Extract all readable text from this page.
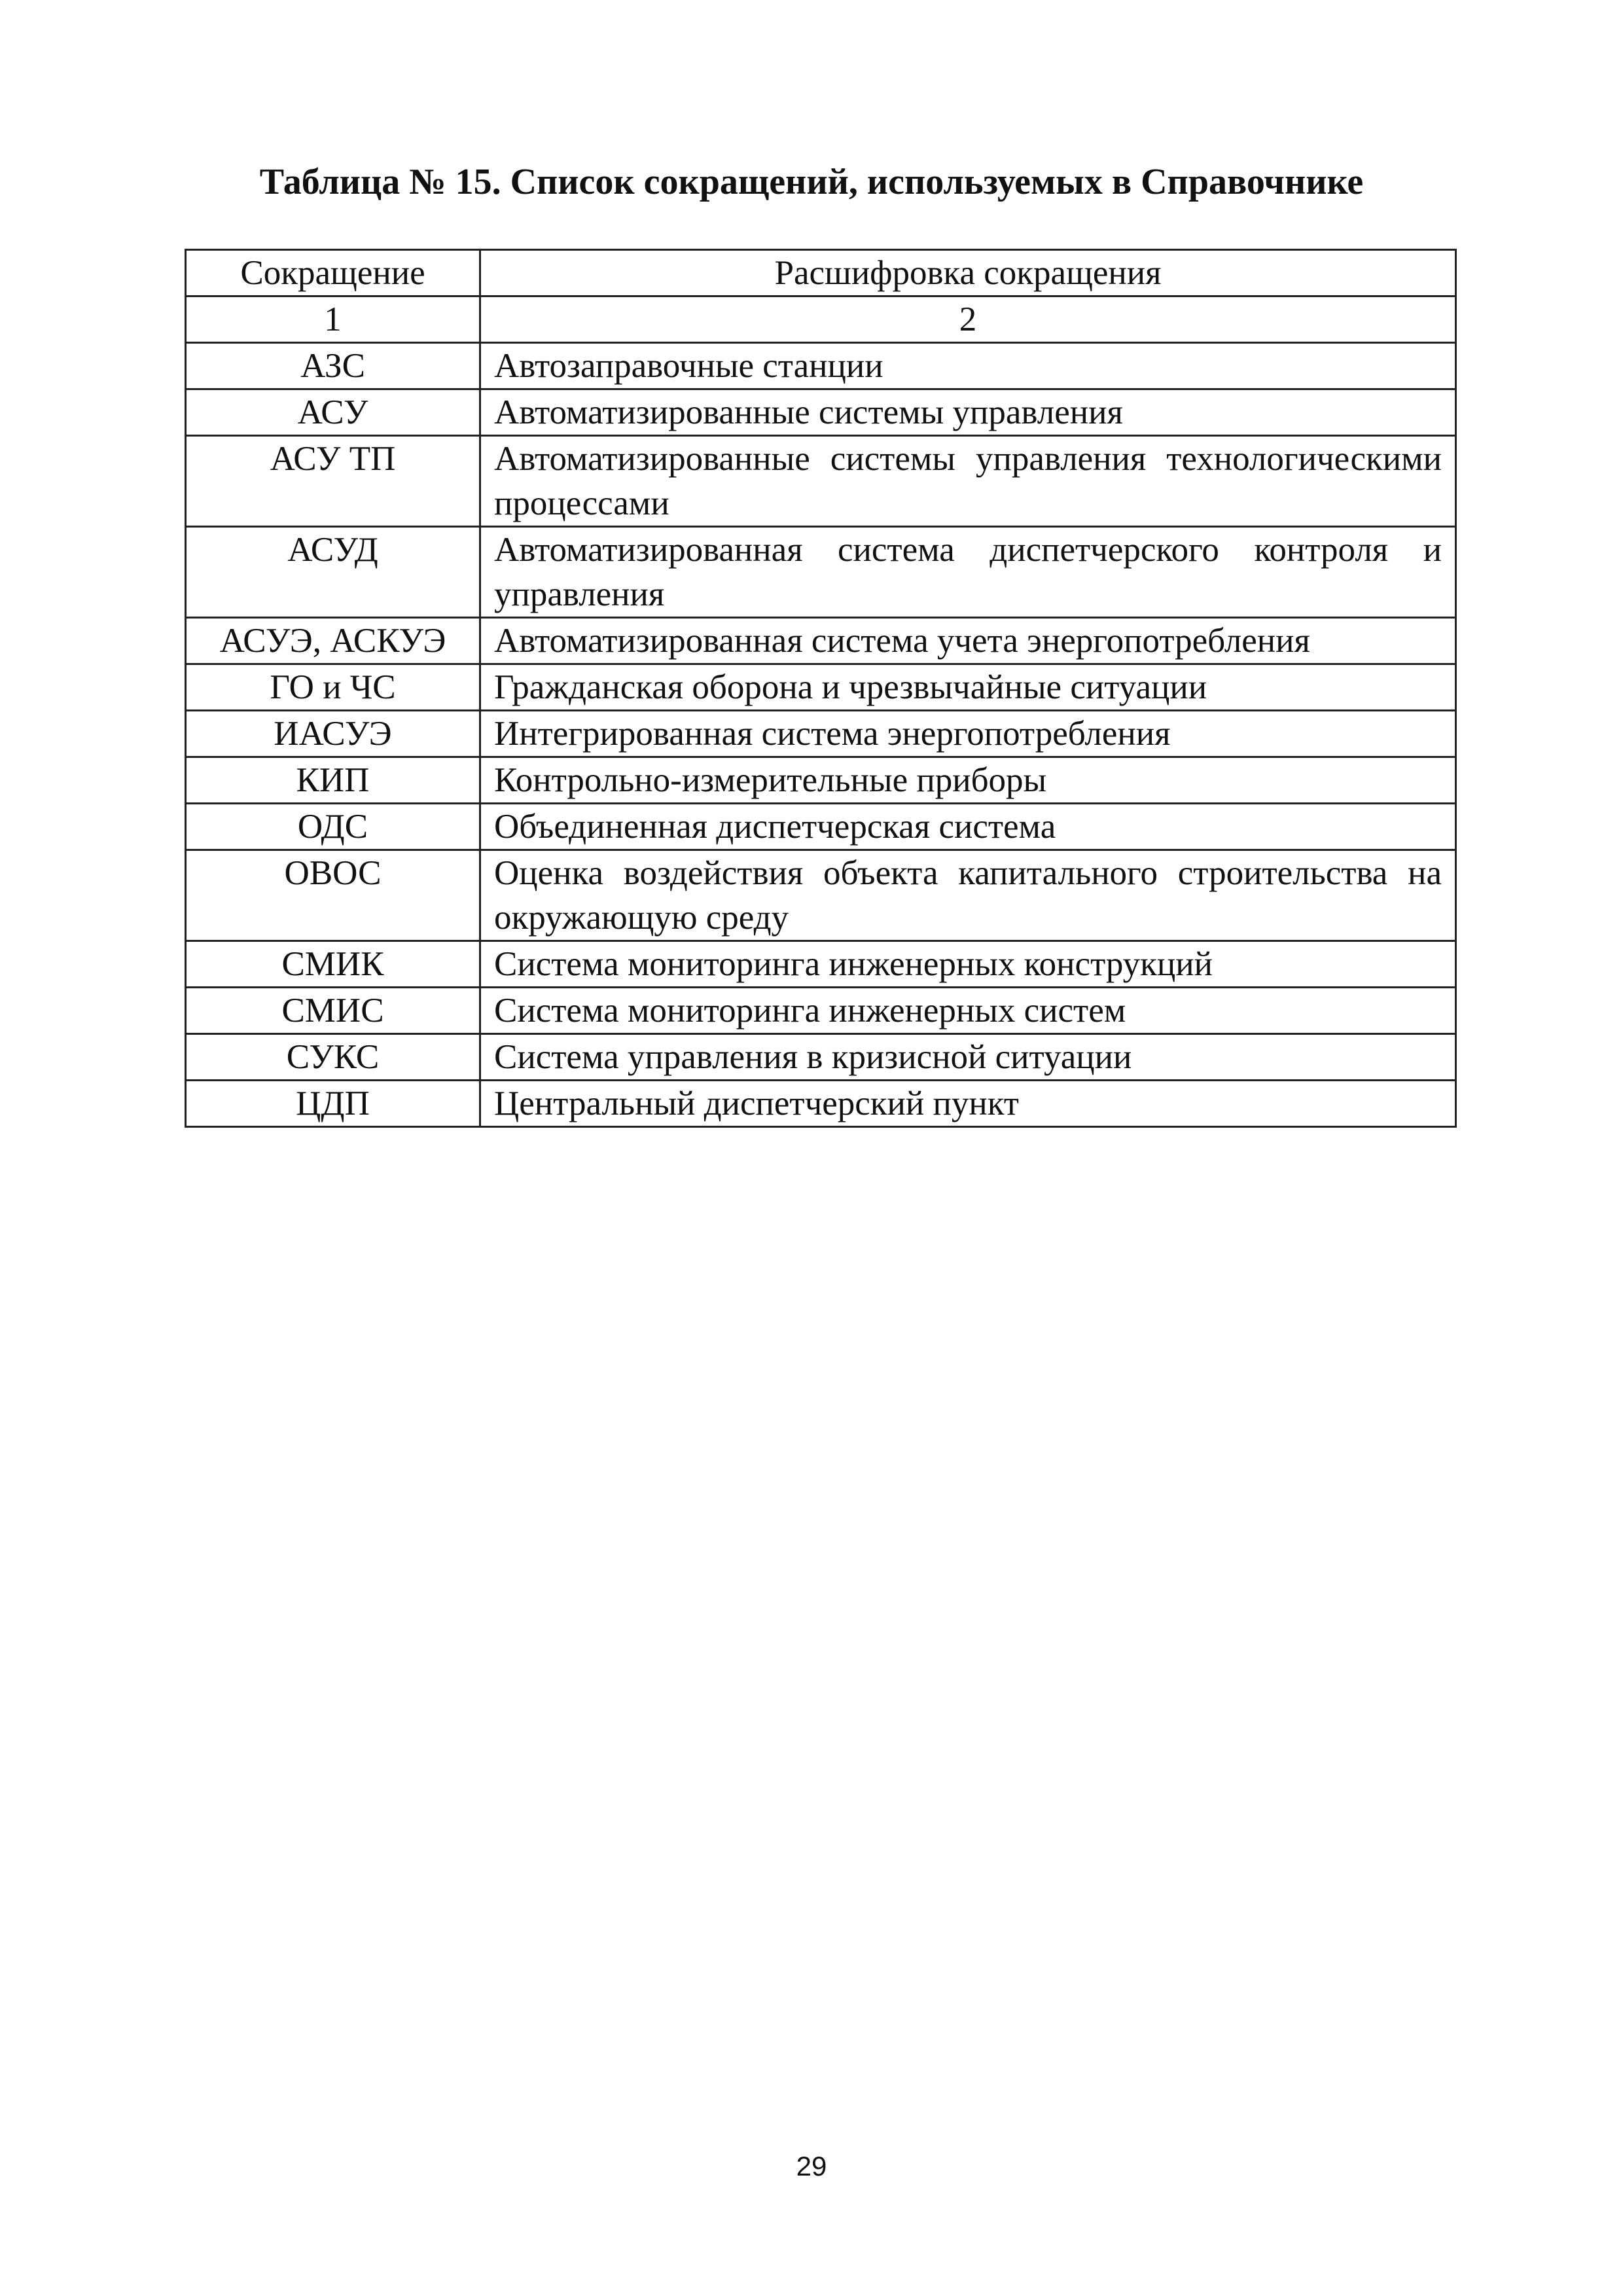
Таблица № 15. Список сокращений, используемых в Справочнике
Сокращение	Расшифровка сокращения
1	2
АЗС	Автозаправочные станции
АСУ	Автоматизированные системы управления
АСУ ТП	Автоматизированные системы управления технологическими процессами
АСУД	Автоматизированная система диспетчерского контроля и управления
АСУЭ, АСКУЭ	Автоматизированная система учета энергопотребления
ГО и ЧС	Гражданская оборона и чрезвычайные ситуации
ИАСУЭ	Интегрированная система энергопотребления
КИП	Контрольно-измерительные приборы
ОДС	Объединенная диспетчерская система
ОВОС	Оценка воздействия объекта капитального строительства на окружающую среду
СМИК	Система мониторинга инженерных конструкций
СМИС	Система мониторинга инженерных систем
СУКС	Система управления в кризисной ситуации
ЦДП	Центральный диспетчерский пункт
29
